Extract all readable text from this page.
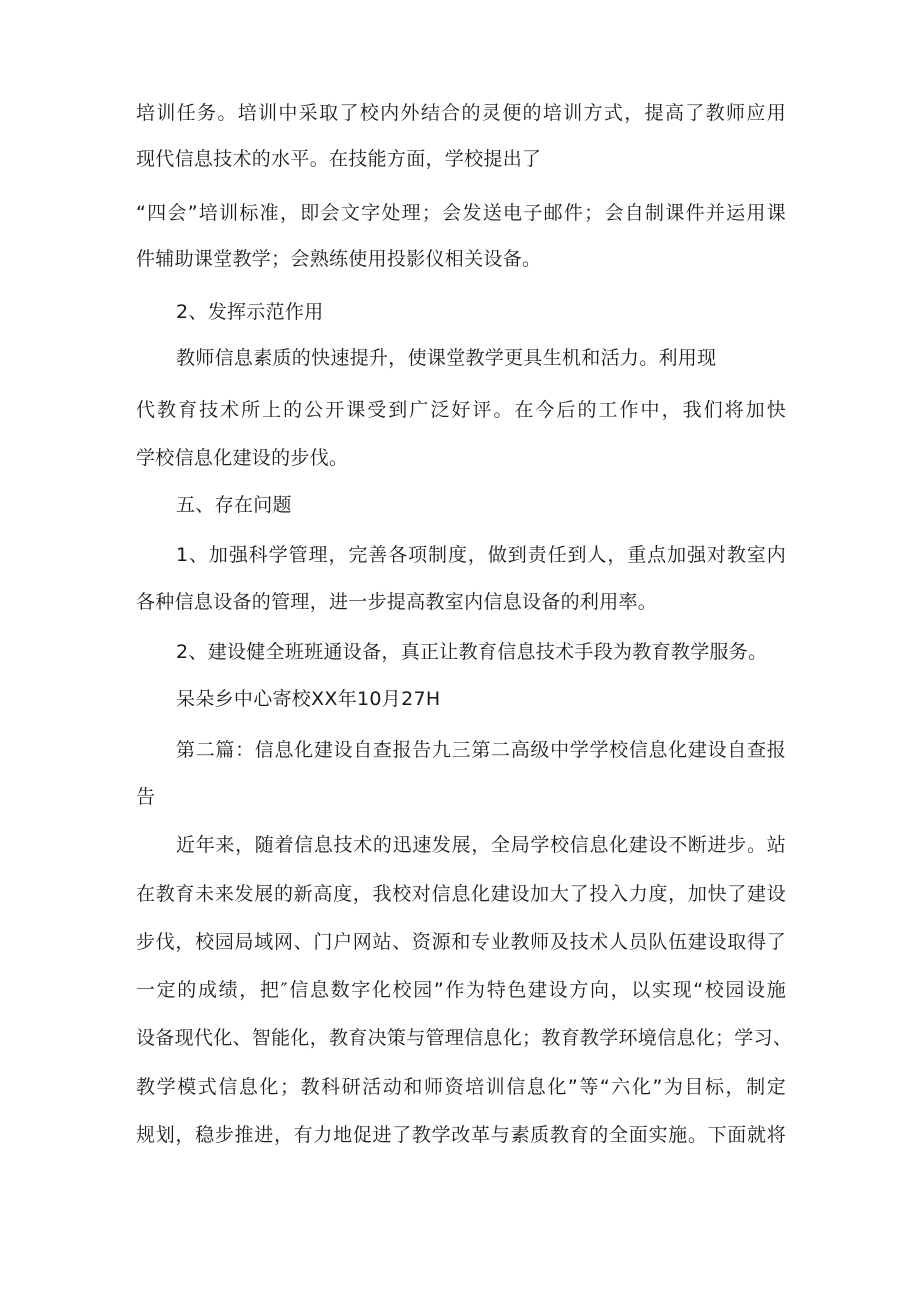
培训任务。培训中采取了校内外结合的灵便的培训方式，提高了教师应用
现代信息技术的水平。在技能方面，学校提出了
“四会”培训标准，即会文字处理；会发送电子邮件；会自制课件并运用课
件辅助课堂教学；会熟练使用投影仪相关设备。
2、发挥示范作用
教师信息素质的快速提升，使课堂教学更具生机和活力。利用现
代教育技术所上的公开课受到广泛好评。在今后的工作中，我们将加快
学校信息化建设的步伐。
五、存在问题
1、加强科学管理，完善各项制度，做到责任到人，重点加强对教室内
各种信息设备的管理，进一步提高教室内信息设备的利用率。
2、建设健全班班通设备，真正让教育信息技术手段为教育教学服务。
呆朵乡中心寄校XX年10月27H
第二篇：信息化建设自查报告九三第二高级中学学校信息化建设自查报
告
近年来，随着信息技术的迅速发展，全局学校信息化建设不断进步。站
在教育未来发展的新高度，我校对信息化建设加大了投入力度，加快了建设
步伐，校园局域网、门户网站、资源和专业教师及技术人员队伍建设取得了
一定的成绩，把″信息数字化校园”作为特色建设方向，以实现“校园设施
设备现代化、智能化，教育决策与管理信息化；教育教学环境信息化；学习、
教学模式信息化；教科研活动和师资培训信息化”等“六化”为目标，制定
规划，稳步推进，有力地促进了教学改革与素质教育的全面实施。下面就将
